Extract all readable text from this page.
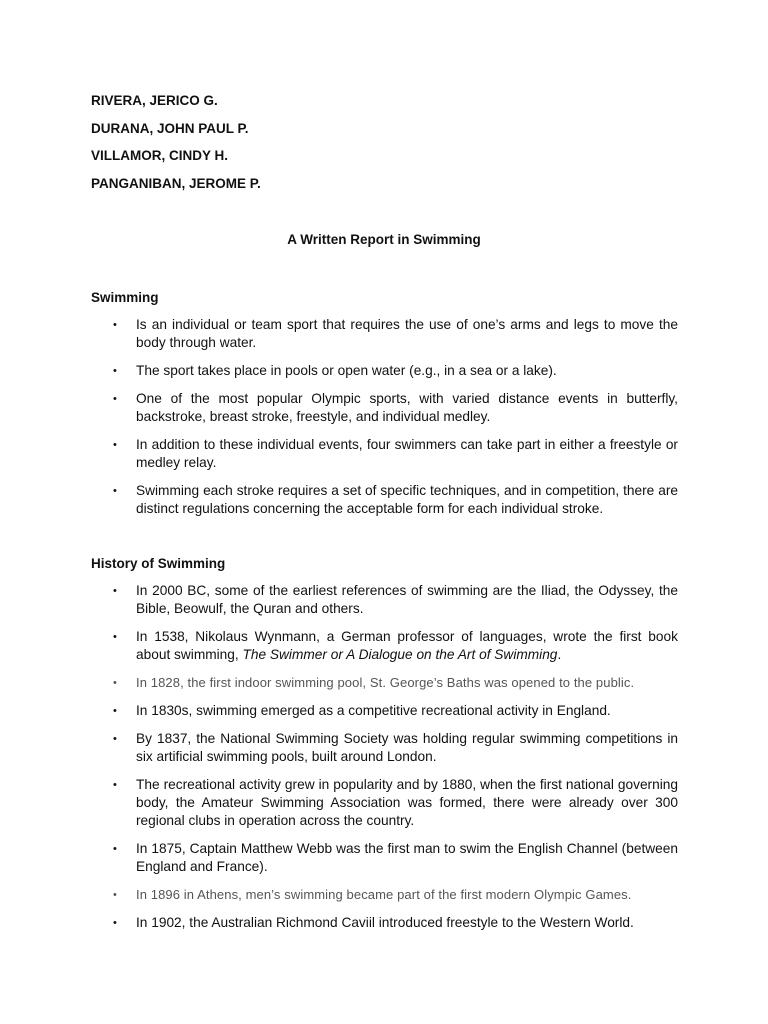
RIVERA, JERICO G.
DURANA, JOHN PAUL P.
VILLAMOR, CINDY H.
PANGANIBAN, JEROME P.
A Written Report in Swimming
Swimming
• Is an individual or team sport that requires the use of one’s arms and legs to move the body through water.
• The sport takes place in pools or open water (e.g., in a sea or a lake).
• One of the most popular Olympic sports, with varied distance events in butterfly, backstroke, breast stroke, freestyle, and individual medley.
• In addition to these individual events, four swimmers can take part in either a freestyle or medley relay.
• Swimming each stroke requires a set of specific techniques, and in competition, there are distinct regulations concerning the acceptable form for each individual stroke.
History of Swimming
• In 2000 BC, some of the earliest references of swimming are the Iliad, the Odyssey, the Bible, Beowulf, the Quran and others.
• In 1538, Nikolaus Wynmann, a German professor of languages, wrote the first book about swimming, The Swimmer or A Dialogue on the Art of Swimming.
• In 1828, the first indoor swimming pool, St. George’s Baths was opened to the public.
• In 1830s, swimming emerged as a competitive recreational activity in England.
• By 1837, the National Swimming Society was holding regular swimming competitions in six artificial swimming pools, built around London.
• The recreational activity grew in popularity and by 1880, when the first national governing body, the Amateur Swimming Association was formed, there were already over 300 regional clubs in operation across the country.
• In 1875, Captain Matthew Webb was the first man to swim the English Channel (between England and France).
• In 1896 in Athens, men’s swimming became part of the first modern Olympic Games.
• In 1902, the Australian Richmond Caviil introduced freestyle to the Western World.
